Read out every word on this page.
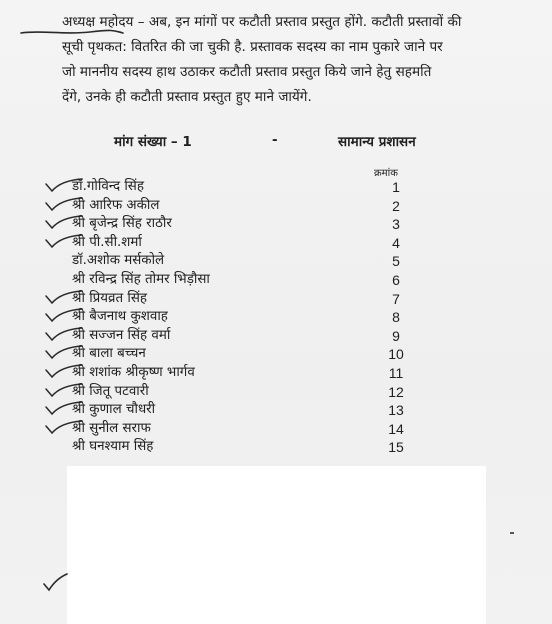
अध्यक्ष महोदय – अब, इन मांगों पर कटौती प्रस्ताव प्रस्तुत होंगे. कटौती प्रस्तावों की
सूची पृथकत: वितरित की जा चुकी है. प्रस्तावक सदस्य का नाम पुकारे जाने पर
जो माननीय सदस्य हाथ उठाकर कटौती प्रस्ताव प्रस्तुत किये जाने हेतु सहमति
देंगे, उनके ही कटौती प्रस्ताव प्रस्तुत हुए माने जायेंगे.
मांग संख्या – 1	-	सामान्य प्रशासन
क्रमांक
डॉ.गोविन्द सिंह	1
श्री आरिफ अकील	2
श्री बृजेन्द्र सिंह राठौर	3
श्री पी.सी.शर्मा	4
डॉ.अशोक मर्सकोले	5
श्री रविन्द्र सिंह तोमर भिड़ौसा	6
श्री प्रियव्रत सिंह	7
श्री बैजनाथ कुशवाह	8
श्री सज्जन सिंह वर्मा	9
श्री बाला बच्चन	10
श्री शशांक श्रीकृष्ण भार्गव	11
श्री जितू पटवारी	12
श्री कुणाल चौधरी	13
श्री सुनील सराफ	14
श्री घनश्याम सिंह	15
